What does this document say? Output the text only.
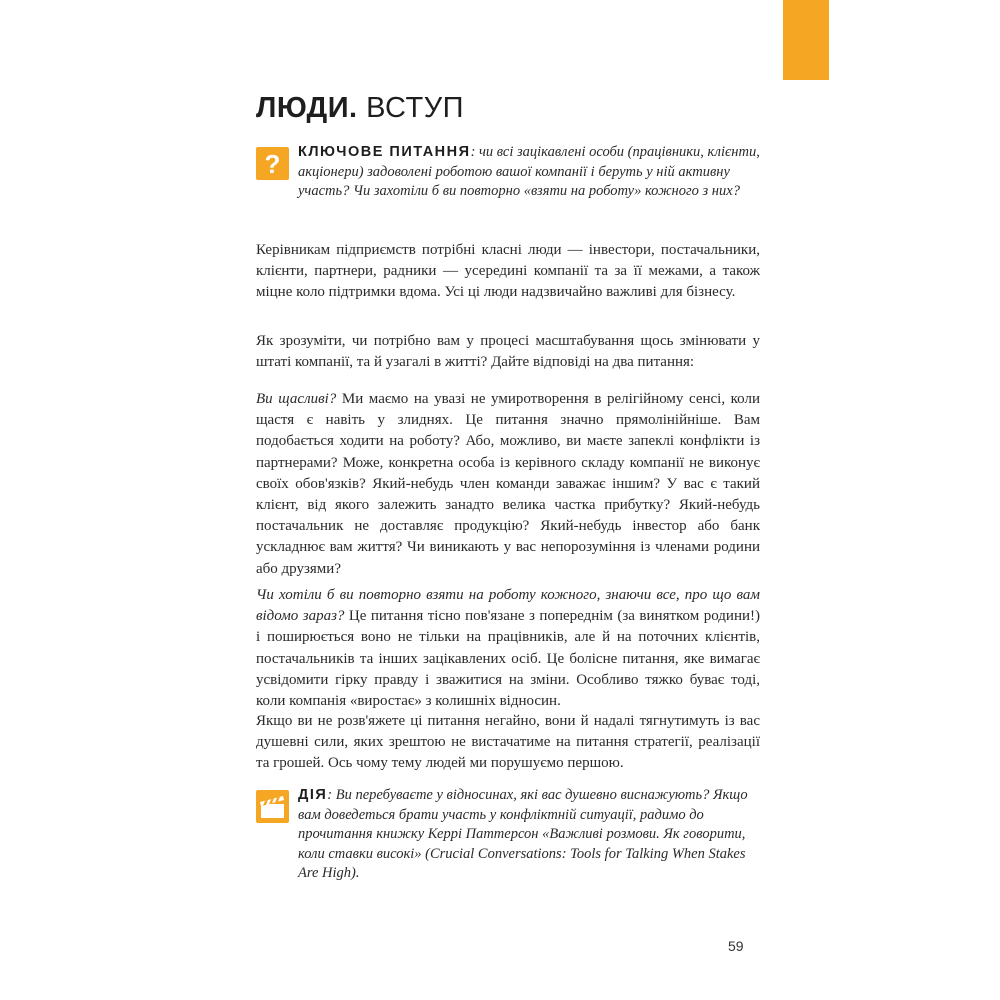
ЛЮДИ. ВСТУП
? КЛЮЧОВЕ ПИТАННЯ: чи всі зацікавлені особи (працівники, клієнти, акціонери) задоволені роботою вашої компанії і беруть у ній активну участь? Чи захотіли б ви повторно «взяти на роботу» кожного з них?

Керівникам підприємств потрібні класні люди — інвестори, постачальники, клієнти, партнери, радники — усередині компанії та за її межами, а також міцне коло підтримки вдома. Усі ці люди надзвичайно важливі для бізнесу.

Як зрозуміти, чи потрібно вам у процесі масштабування щось змінювати у штаті компанії, та й узагалі в житті? Дайте відповіді на два питання:

Ви щасливі? Ми маємо на увазі не умиротворення в релігійному сенсі, коли щастя є навіть у злиднях. Це питання значно прямолінійніше. Вам подобається ходити на роботу? Або, можливо, ви маєте запеклі конфлікти із партнерами? Може, конкретна особа із керівного складу компанії не виконує своїх обов'язків? Який-небудь член команди заважає іншим? У вас є такий клієнт, від якого залежить занадто велика частка прибутку? Який-небудь постачальник не доставляє продукцію? Який-небудь інвестор або банк ускладнює вам життя? Чи виникають у вас непорозуміння із членами родини або друзями?

Чи хотіли б ви повторно взяти на роботу кожного, знаючи все, про що вам відомо зараз? Це питання тісно пов'язане з попереднім (за винятком родини!) і поширюється воно не тільки на працівників, але й на поточних клієнтів, постачальників та інших зацікавлених осіб. Це болісне питання, яке вимагає усвідомити гірку правду і зважитися на зміни. Особливо тяжко буває тоді, коли компанія «виростає» з колишніх відносин.

Якщо ви не розв'яжете ці питання негайно, вони й надалі тягнутимуть із вас душевні сили, яких зрештою не вистачатиме на питання стратегії, реалізації та грошей. Ось чому тему людей ми порушуємо першою.

ДІЯ: Ви перебуваєте у відносинах, які вас душевно виснажують? Якщо вам доведеться брати участь у конфліктній ситуації, радимо до прочитання книжку Керрі Паттерсон «Важливі розмови. Як говорити, коли ставки високі» (Crucial Conversations: Tools for Talking When Stakes Are High).
59
